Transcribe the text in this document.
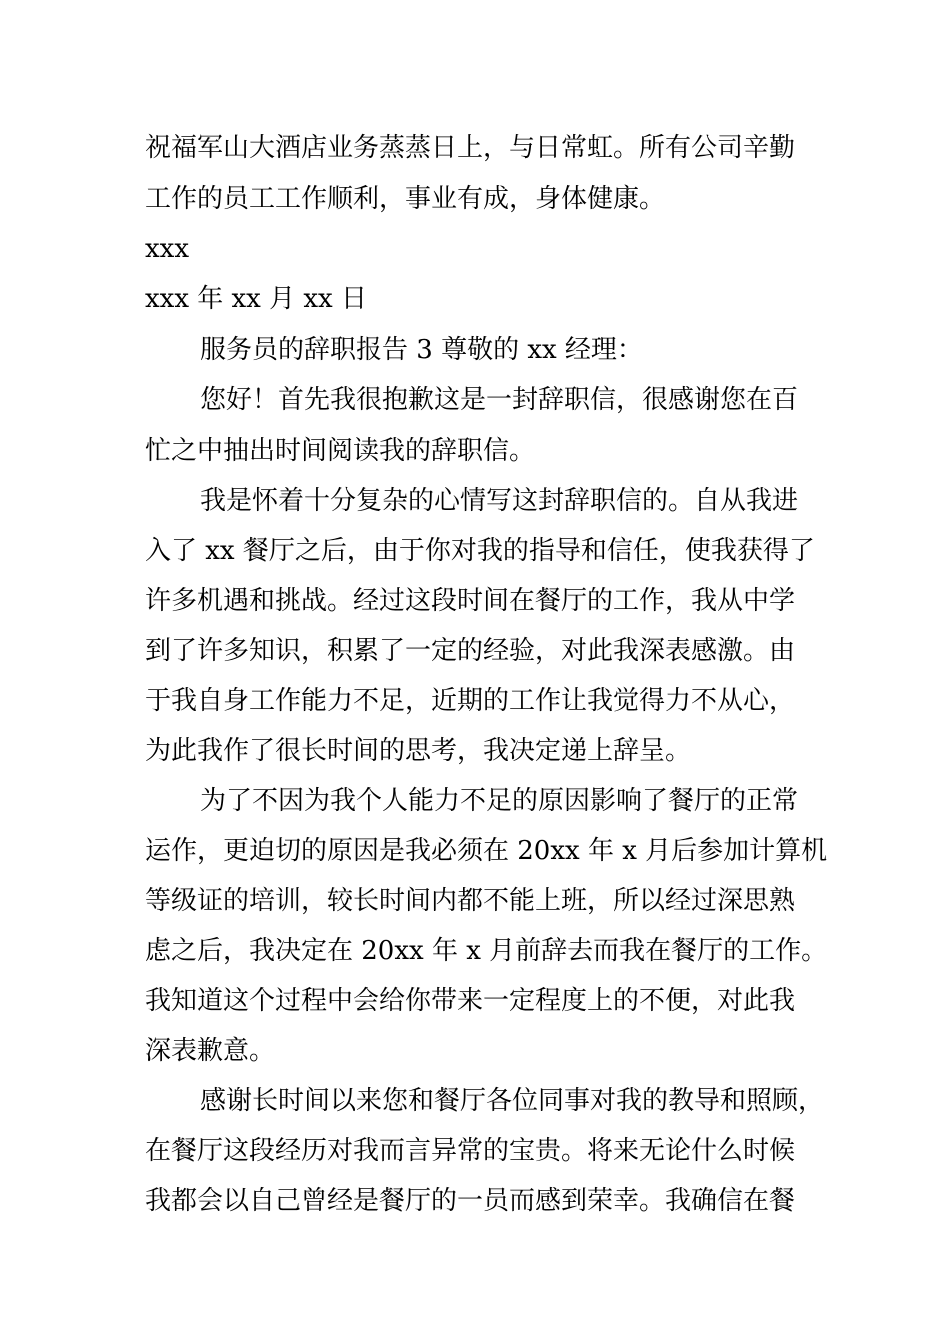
祝福军山大酒店业务蒸蒸日上，与日常虹。所有公司辛勤

工作的员工工作顺利，事业有成，身体健康。

xxx

xxx 年 xx 月 xx 日

服务员的辞职报告 3 尊敬的 xx 经理：

您好！首先我很抱歉这是一封辞职信，很感谢您在百

忙之中抽出时间阅读我的辞职信。

我是怀着十分复杂的心情写这封辞职信的。自从我进

入了 xx 餐厅之后，由于你对我的指导和信任，使我获得了

许多机遇和挑战。经过这段时间在餐厅的工作，我从中学

到了许多知识，积累了一定的经验，对此我深表感激。由

于我自身工作能力不足，近期的工作让我觉得力不从心，

为此我作了很长时间的思考，我决定递上辞呈。

为了不因为我个人能力不足的原因影响了餐厅的正常

运作，更迫切的原因是我必须在 20xx 年 x 月后参加计算机

等级证的培训，较长时间内都不能上班，所以经过深思熟

虑之后，我决定在 20xx 年 x 月前辞去而我在餐厅的工作。

我知道这个过程中会给你带来一定程度上的不便，对此我

深表歉意。

感谢长时间以来您和餐厅各位同事对我的教导和照顾，

在餐厅这段经历对我而言异常的宝贵。将来无论什么时候

我都会以自己曾经是餐厅的一员而感到荣幸。我确信在餐
